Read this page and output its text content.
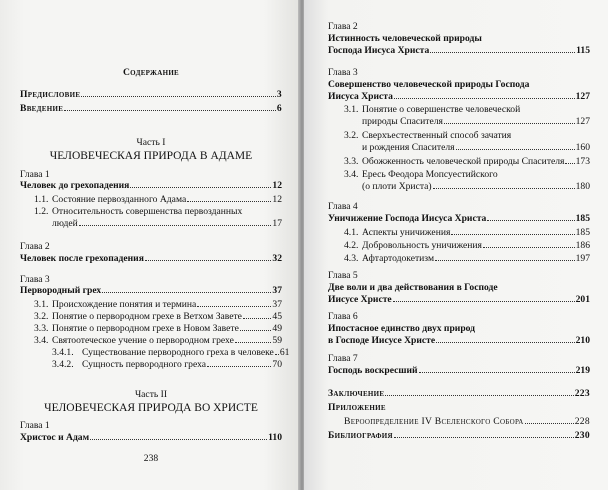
Содержание
Предисловие	3
Введение	6
Часть I
ЧЕЛОВЕЧЕСКАЯ ПРИРОДА В АДАМЕ
Глава 1
Человек до грехопадения	12
1.1. Состояние первозданного Адама	12
1.2. Относительность совершенства первозданных
людей	17
Глава 2
Человек после грехопадения	32
Глава 3
Первородный грех	37
3.1. Происхождение понятия и термина	37
3.2. Понятие о первородном грехе в Ветхом Завете	45
3.3. Понятие о первородном грехе в Новом Завете	49
3.4. Святоотеческое учение о первородном грехе	59
3.4.1. Существование первородного греха в человеке 61
3.4.2. Сущность первородного греха	70
Часть II
ЧЕЛОВЕЧЕСКАЯ ПРИРОДА ВО ХРИСТЕ
Глава 1
Христос и Адам	110
238
Глава 2
Истинность человеческой природы
Господа Иисуса Христа	115
Глава 3
Совершенство человеческой природы Господа
Иисуса Христа	127
3.1. Понятие о совершенстве человеческой
природы Спасителя	127
3.2. Сверхъестественный способ зачатия
и рождения Спасителя	160
3.3. Обожженность человеческой природы Спасителя 173
3.4. Ересь Феодора Мопсуестийского
(о плоти Христа)	180
Глава 4
Уничижение Господа Иисуса Христа	185
4.1. Аспекты уничижения	185
4.2. Добровольность уничижения	186
4.3. Афтартодокетизм	197
Глава 5
Две воли и два действования в Господе
Иисусе Христе	201
Глава 6
Ипостасное единство двух природ
в Господе Иисусе Христе	210
Глава 7
Господь воскресший	219
Заключение	223
Приложение
Вероопределение IV Вселенского Собора	228
Библиография	230
